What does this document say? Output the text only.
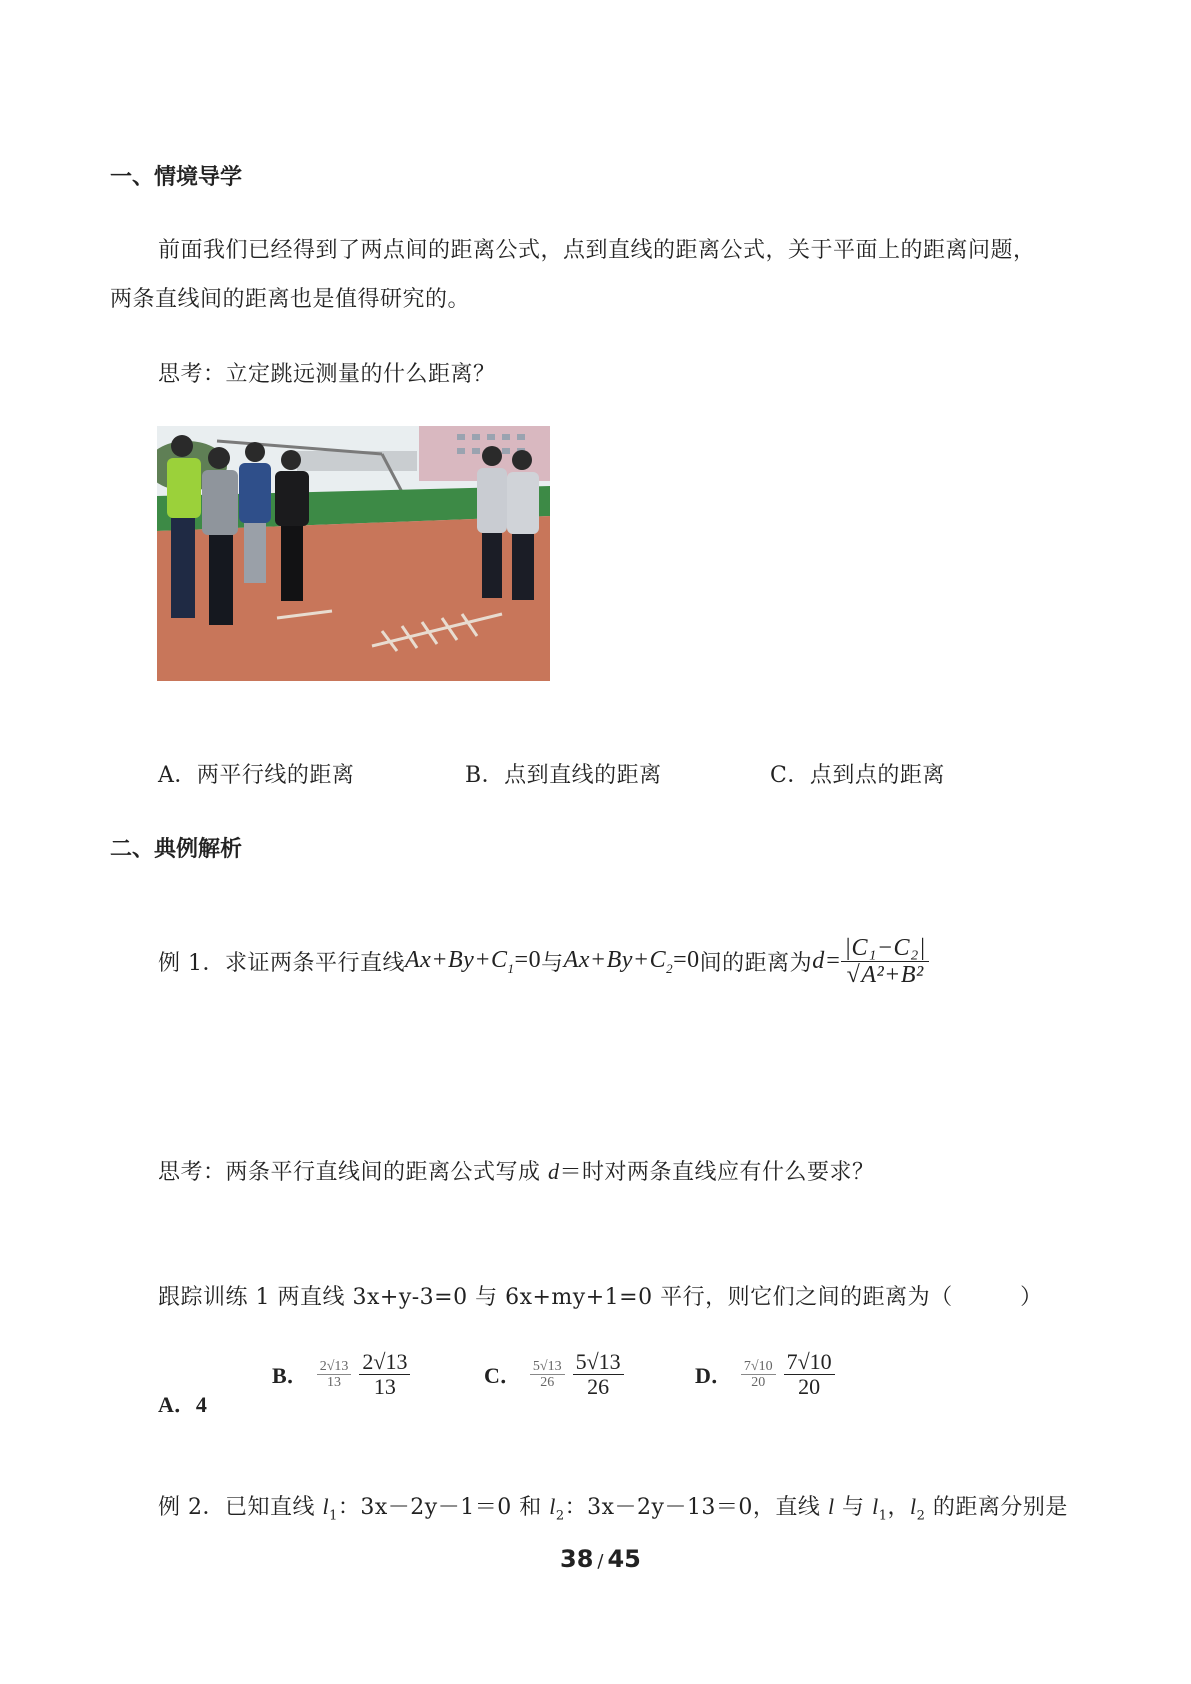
一、情境导学
前面我们已经得到了两点间的距离公式，点到直线的距离公式，关于平面上的距离问题，
两条直线间的距离也是值得研究的。
思考：立定跳远测量的什么距离？
A．两平行线的距离	B．点到直线的距离	C．点到点的距离
二、典例解析
例 1．求证两条平行直线 $Ax+By+C_1=0$ 与 $Ax+By+C_2=0$ 间的距离为 $d= \frac{\text{|C₁−C₂|}}{\text{√A²+B²}}$
思考：两条平行直线间的距离公式写成 d＝时对两条直线应有什么要求？
跟踪训练 1 两直线 3x+y-3=0 与 6x+my+1=0 平行，则它们之间的距离为（　　　）
A．4
B． $\frac{2√13}{13} \frac{2√13}{13}$	C． $\frac{5√13}{26} \frac{5√13}{26}$	D． $\frac{7√10}{20} \frac{7√10}{20}$
例 2．已知直线 $l_1$：3x－2y－1＝0 和 $l_2$：3x－2y－13＝0，直线 l 与 $l_1$，$l_2$ 的距离分别是
38 / 45
